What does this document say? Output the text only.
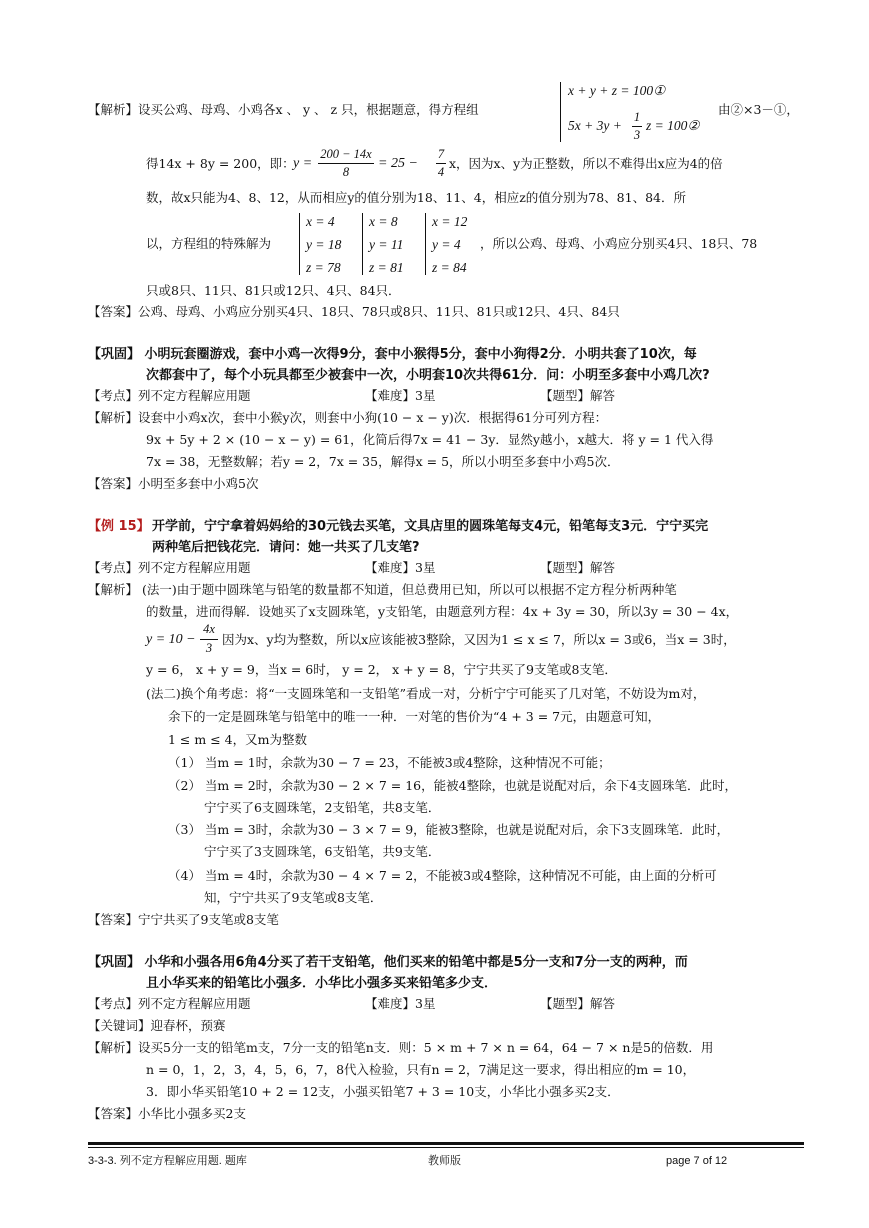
【解析】设买公鸡、母鸡、小鸡各x 、 y 、 z 只，根据题意，得方程组
x + y + z = 100①
5x + 3y +
1
3
z = 100②
由②×3－①，
得14x + 8y = 200，即：
y =
200 − 14x
8
= 25 −
7
4
x，因为x、y为正整数，所以不难得出x应为4的倍
数，故x只能为4、8、12，从而相应y的值分别为18、11、4，相应z的值分别为78、81、84．所
以，方程组的特殊解为
x = 4
y = 18
z = 78
x = 8
y = 11
z = 81
x = 12
y = 4
z = 84
，所以公鸡、母鸡、小鸡应分别买4只、18只、78
只或8只、11只、81只或12只、4只、84只．
【答案】公鸡、母鸡、小鸡应分别买4只、18只、78只或8只、11只、81只或12只、4只、84只
【巩固】 小明玩套圈游戏，套中小鸡一次得9分，套中小猴得5分，套中小狗得2分．小明共套了10次，每
次都套中了，每个小玩具都至少被套中一次，小明套10次共得61分．问：小明至多套中小鸡几次?
【考点】列不定方程解应用题	【难度】3星	【题型】解答
【解析】设套中小鸡x次，套中小猴y次，则套中小狗(10 − x − y)次．根据得61分可列方程：
9x + 5y + 2 × (10 − x − y) = 61，化简后得7x = 41 − 3y．显然y越小，x越大．将 y = 1 代入得
7x = 38，无整数解；若y = 2，7x = 35，解得x = 5，所以小明至多套中小鸡5次．
【答案】小明至多套中小鸡5次
【例 15】 开学前，宁宁拿着妈妈给的30元钱去买笔，文具店里的圆珠笔每支4元，铅笔每支3元．宁宁买完
两种笔后把钱花完．请问：她一共买了几支笔?
【考点】列不定方程解应用题	【难度】3星	【题型】解答
【解析】 (法一)由于题中圆珠笔与铅笔的数量都不知道，但总费用已知，所以可以根据不定方程分析两种笔
的数量，进而得解．设她买了x支圆珠笔，y支铅笔，由题意列方程：4x + 3y = 30，所以3y = 30 − 4x，
y = 10 −
4x
3
因为x、y均为整数，所以x应该能被3整除，又因为1 ≤ x ≤ 7，所以x = 3或6，当x = 3时，
y = 6， x + y = 9，当x = 6时， y = 2， x + y = 8，宁宁共买了9支笔或8支笔．
(法二)换个角考虑：将“一支圆珠笔和一支铅笔”看成一对，分析宁宁可能买了几对笔，不妨设为m对，
余下的一定是圆珠笔与铅笔中的唯一一种．一对笔的售价为“4 + 3 = 7元，由题意可知，
1 ≤ m ≤ 4，又m为整数
（1） 当m = 1时，余款为30 − 7 = 23，不能被3或4整除，这种情况不可能；
（2） 当m = 2时，余款为30 − 2 × 7 = 16，能被4整除，也就是说配对后，余下4支圆珠笔．此时，
宁宁买了6支圆珠笔，2支铅笔，共8支笔．
（3） 当m = 3时，余款为30 − 3 × 7 = 9，能被3整除，也就是说配对后，余下3支圆珠笔．此时，
宁宁买了3支圆珠笔，6支铅笔，共9支笔．
（4） 当m = 4时，余款为30 − 4 × 7 = 2，不能被3或4整除，这种情况不可能，由上面的分析可
知，宁宁共买了9支笔或8支笔．
【答案】宁宁共买了9支笔或8支笔
【巩固】 小华和小强各用6角4分买了若干支铅笔，他们买来的铅笔中都是5分一支和7分一支的两种，而
且小华买来的铅笔比小强多．小华比小强多买来铅笔多少支．
【考点】列不定方程解应用题	【难度】3星	【题型】解答
【关键词】迎春杯，预赛
【解析】设买5分一支的铅笔m支，7分一支的铅笔n支．则：5 × m + 7 × n = 64，64 − 7 × n是5的倍数．用
n = 0，1，2，3，4，5，6，7，8代入检验，只有n = 2，7满足这一要求，得出相应的m = 10，
3．即小华买铅笔10 + 2 = 12支，小强买铅笔7 + 3 = 10支，小华比小强多买2支．
【答案】小华比小强多买2支
3-3-3. 列不定方程解应用题. 题库	教师版	page 7 of 12
